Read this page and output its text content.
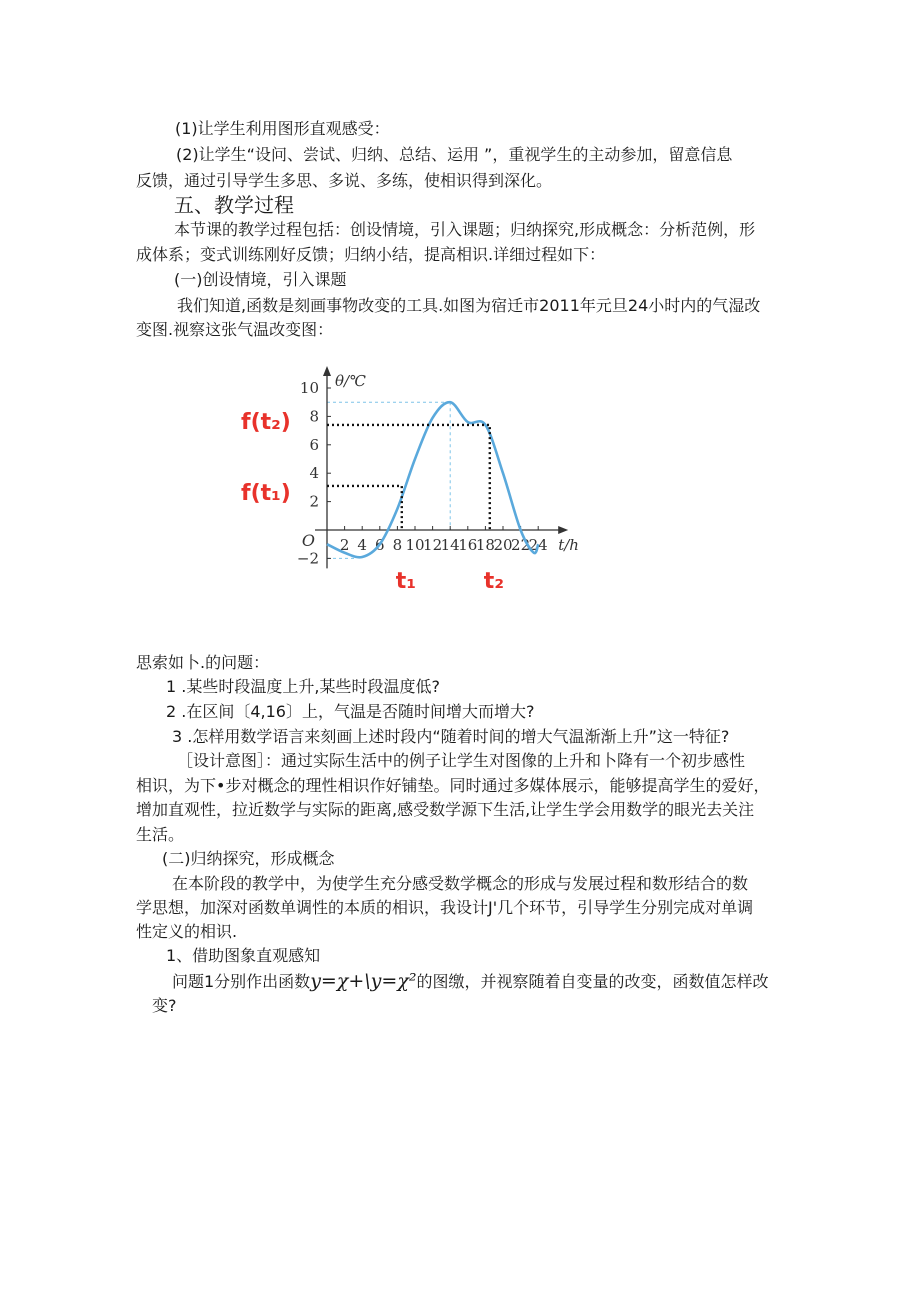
(1)让学生利用图形直观感受：
(2)让学生“设问、尝试、归纳、总结、运用 ”，重视学生的主动参加，留意信息
反馈，通过引导学生多思、多说、多练，使相识得到深化。
五、教学过程
本节课的教学过程包括：创设情境，引入课题；归纳探究,形成概念：分析范例，形
成体系；变式训练刚好反馈；归纳小结，提高相识.详细过程如下：
(一)创设情境，引入课题
我们知道,函数是刻画事物改变的工具.如图为宿迁市2011年元旦24小时内的气湿改
变图.视察这张气温改变图：
2 4 6 8 10
12
14
16
18
20
22
24
−2
2
4
6
8
10
O
θ/℃
t/h
f(t₁)
t₁
f(t₂)
t₂
思索如卜.的问题：
1 .某些时段温度上升,某些时段温度低?
2 .在区间〔4,16〕上，气温是否随时间增大而增大?
3 .怎样用数学语言来刻画上述时段内“随着时间的增大气温渐渐上升”这一特征?
［设计意图］：通过实际生活中的例子让学生对图像的上升和卜降有一个初步感性
相识，为下•步对概念的理性相识作好铺垫。同时通过多媒体展示，能够提高学生的爱好，
增加直观性，拉近数学与实际的距离,感受数学源下生活,让学生学会用数学的眼光去关注
生活。
(二)归纳探究，形成概念
在本阶段的教学中，为使学生充分感受数学概念的形成与发展过程和数形结合的数
学思想，加深对函数单调性的本质的相识，我设计J'几个环节，引导学生分别完成对单调
性定义的相识.
1、借助图象直观感知
问题1分别作出函数y=χ+\y=χ²的图缴，并视察随着自变量的改变，函数值怎样改
变?
